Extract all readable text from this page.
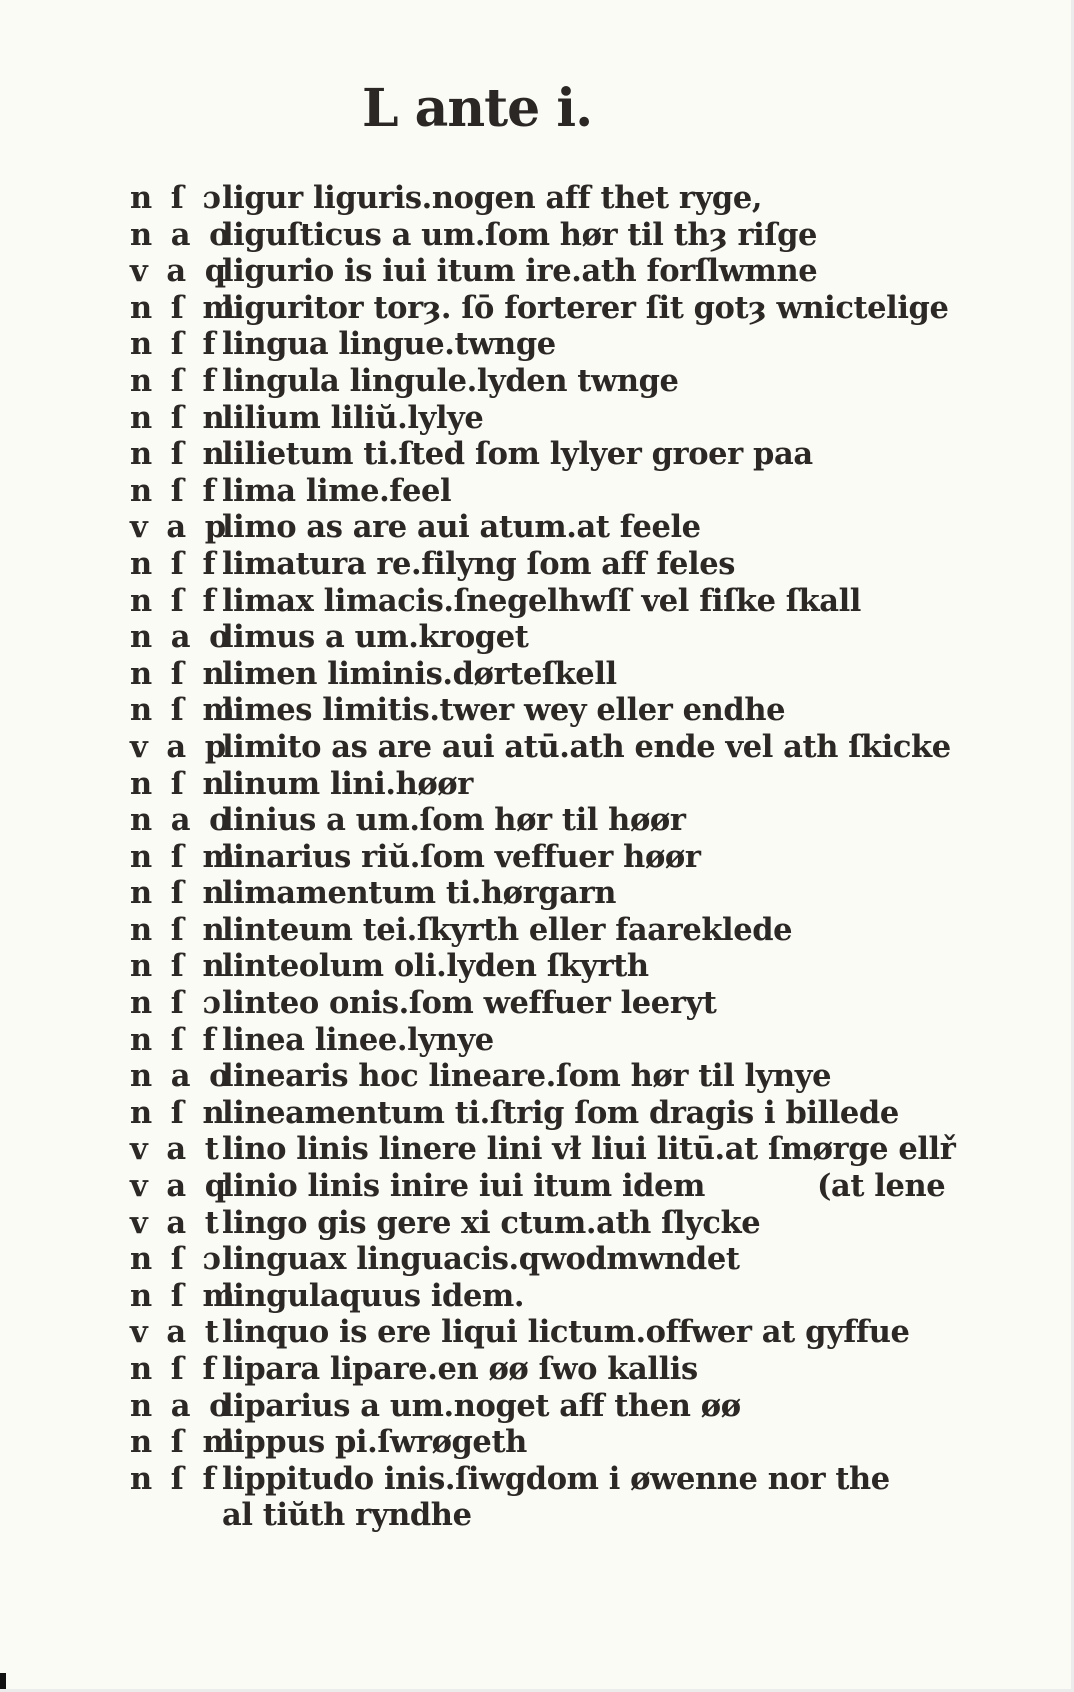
L ante i.
n ſ ɔ
ligur liguris.nogen aff thet ryge,
n a o
liguſticus a um.ſom hør til thȝ riſge
v a q
ligurio is iui itum ire.ath forſlwmne
n ſ m
liguritor torȝ. ſō forterer ſit gotȝ wnictelige
n ſ f lingua lingue.twnge
n ſ f lingula lingule.lyden twnge
n ſ n
lilium liliŭ.lylye
n ſ n
lilietum ti.ſted ſom lylyer groer paa
n ſ f lima lime.feel
v a p
limo as are aui atum.at feele
n ſ f limatura re.filyng ſom aff feles
n ſ f limax limacis.ſnegelhwſſ vel fiſke ſkall
n a o
limus a um.kroget
n ſ n
limen liminis.dørteſkell
n ſ m
limes limitis.twer wey eller endhe
v a p
limito as are aui atū.ath ende vel ath ſkicke
n ſ n
linum lini.høør
n a o
linius a um.ſom hør til høør
n ſ m
linarius riŭ.ſom veffuer høør
n ſ n
limamentum ti.hørgarn
n ſ n
linteum tei.ſkyrth eller faareklede
n ſ n
linteolum oli.lyden ſkyrth
n ſ ɔ
linteo onis.ſom weffuer leeryt
n ſ f linea linee.lynye
n a o
linearis hoc lineare.ſom hør til lynye
n ſ n
lineamentum ti.ſtrig ſom dragis i billede
v a t lino linis linere lini vł liui litū.at ſmørge ellř
v a q
linio linis inire iui itum idem	(at lene
v a t lingo gis gere xi ctum.ath ſlycke
n ſ ɔ
linguax linguacis.qwodmwndet
n ſ m
lingulaquus idem.
v a t linquo is ere liqui lictum.offwer at gyffue
n ſ f lipara lipare.en øø ſwo kallis
n a o
liparius a um.noget aff then øø
n ſ m
lippus pi.ſwrøgeth
n ſ f lippitudo inis.ſiwgdom i øwenne nor the
al tiŭth ryndhe
